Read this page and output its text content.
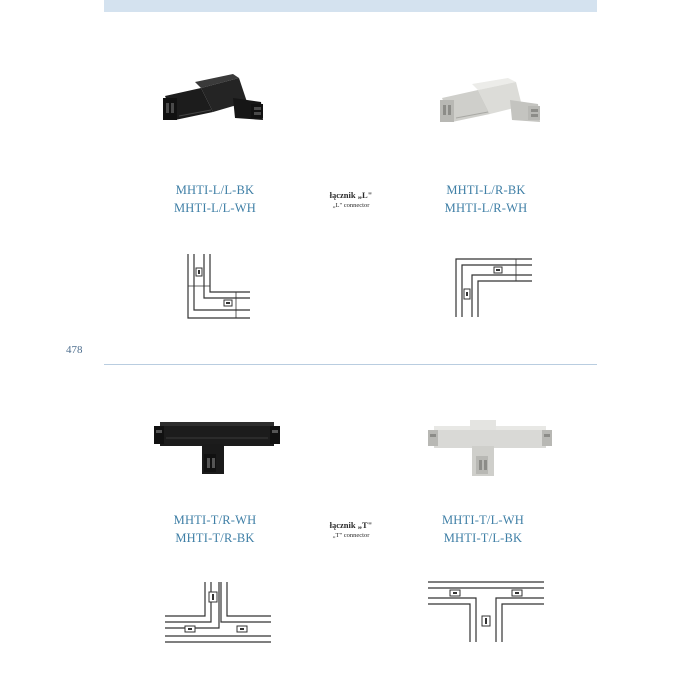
MHTI-L/L-BK
MHTI-L/L-WH
łącznik „L"
„L" connector
MHTI-L/R-BK
MHTI-L/R-WH
478
MHTI-T/R-WH
MHTI-T/R-BK
łącznik „T"
„T" connector
MHTI-T/L-WH
MHTI-T/L-BK
